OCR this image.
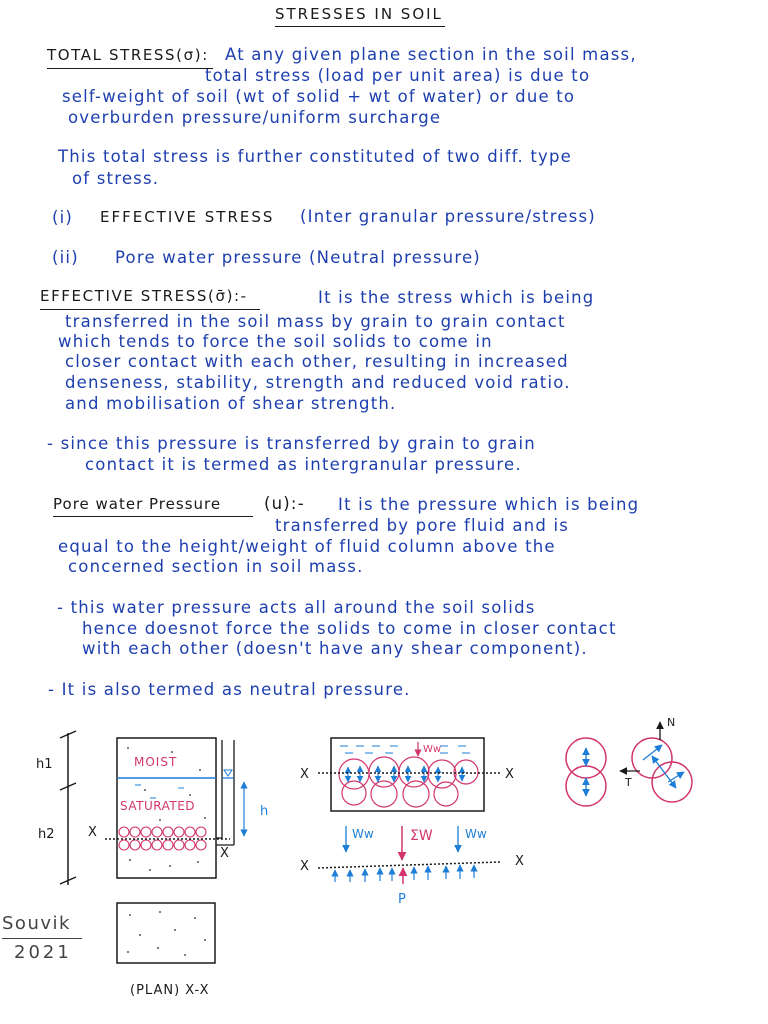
STRESSES IN SOIL
TOTAL STRESS(σ): At any given plane section in the soil mass,
total stress (load per unit area) is due to
self-weight of soil (wt of solid + wt of water) or due to
overburden pressure/uniform surcharge
This total stress is further constituted of two diff. type
of stress.
(i) EFFECTIVE STRESS (Inter granular pressure/stress)
(ii) Pore water pressure (Neutral pressure)
EFFECTIVE STRESS(σ̄):-	It is the stress which is being
transferred in the soil mass by grain to grain contact
which tends to force the soil solids to come in
closer contact with each other, resulting in increased
denseness, stability, strength and reduced void ratio.
and mobilisation of shear strength.
- since this pressure is transferred by grain to grain
contact it is termed as intergranular pressure.
Pore water Pressure	(u):- It is the pressure which is being
transferred by pore fluid and is
equal to the height/weight of fluid column above the
concerned section in soil mass.
- this water pressure acts all around the soil solids
hence doesnot force the solids to come in closer contact
with each other (doesn't have any shear component).
- It is also termed as neutral pressure.
h1
h2
MOIST
SATURATED
X
X
h
(PLAN) X-X
Ww
X	X
Ww	ΣW	Ww
X	X
P
N
T
Souvik
2021
